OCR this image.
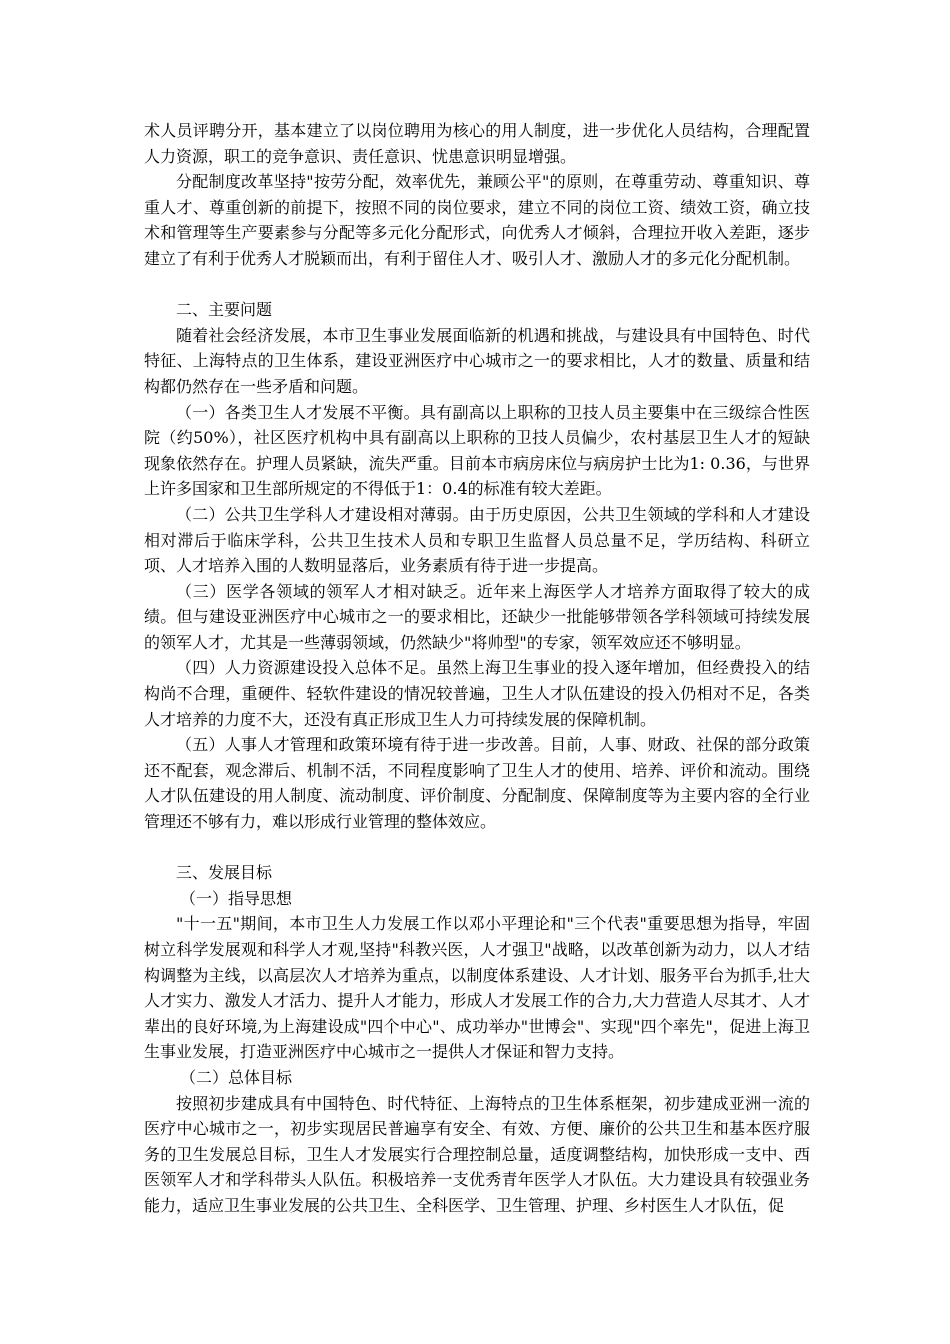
术人员评聘分开，基本建立了以岗位聘用为核心的用人制度，进一步优化人员结构，合理配置人力资源，职工的竞争意识、责任意识、忧患意识明显增强。

分配制度改革坚持"按劳分配，效率优先，兼顾公平"的原则，在尊重劳动、尊重知识、尊重人才、尊重创新的前提下，按照不同的岗位要求，建立不同的岗位工资、绩效工资，确立技术和管理等生产要素参与分配等多元化分配形式，向优秀人才倾斜，合理拉开收入差距，逐步建立了有利于优秀人才脱颖而出，有利于留住人才、吸引人才、激励人才的多元化分配机制。

二、主要问题

随着社会经济发展，本市卫生事业发展面临新的机遇和挑战，与建设具有中国特色、时代特征、上海特点的卫生体系，建设亚洲医疗中心城市之一的要求相比，人才的数量、质量和结构都仍然存在一些矛盾和问题。

（一）各类卫生人才发展不平衡。具有副高以上职称的卫技人员主要集中在三级综合性医院（约50%），社区医疗机构中具有副高以上职称的卫技人员偏少，农村基层卫生人才的短缺现象依然存在。护理人员紧缺，流失严重。目前本市病房床位与病房护士比为1: 0.36，与世界上许多国家和卫生部所规定的不得低于1：0.4的标准有较大差距。

（二）公共卫生学科人才建设相对薄弱。由于历史原因，公共卫生领域的学科和人才建设相对滞后于临床学科，公共卫生技术人员和专职卫生监督人员总量不足，学历结构、科研立项、人才培养入围的人数明显落后，业务素质有待于进一步提高。

（三）医学各领域的领军人才相对缺乏。近年来上海医学人才培养方面取得了较大的成绩。但与建设亚洲医疗中心城市之一的要求相比，还缺少一批能够带领各学科领域可持续发展的领军人才，尤其是一些薄弱领域，仍然缺少"将帅型"的专家，领军效应还不够明显。

（四）人力资源建设投入总体不足。虽然上海卫生事业的投入逐年增加，但经费投入的结构尚不合理，重硬件、轻软件建设的情况较普遍，卫生人才队伍建设的投入仍相对不足，各类人才培养的力度不大，还没有真正形成卫生人力可持续发展的保障机制。

（五）人事人才管理和政策环境有待于进一步改善。目前，人事、财政、社保的部分政策还不配套，观念滞后、机制不活，不同程度影响了卫生人才的使用、培养、评价和流动。围绕人才队伍建设的用人制度、流动制度、评价制度、分配制度、保障制度等为主要内容的全行业管理还不够有力，难以形成行业管理的整体效应。

三、发展目标
（一）指导思想

"十一五"期间，本市卫生人力发展工作以邓小平理论和"三个代表"重要思想为指导，牢固树立科学发展观和科学人才观,坚持"科教兴医，人才强卫"战略，以改革创新为动力，以人才结构调整为主线，以高层次人才培养为重点，以制度体系建设、人才计划、服务平台为抓手,壮大人才实力、激发人才活力、提升人才能力，形成人才发展工作的合力,大力营造人尽其才、人才辈出的良好环境,为上海建设成"四个中心"、成功举办"世博会"、实现"四个率先"，促进上海卫生事业发展，打造亚洲医疗中心城市之一提供人才保证和智力支持。

（二）总体目标

按照初步建成具有中国特色、时代特征、上海特点的卫生体系框架，初步建成亚洲一流的医疗中心城市之一，初步实现居民普遍享有安全、有效、方便、廉价的公共卫生和基本医疗服务的卫生发展总目标，卫生人才发展实行合理控制总量，适度调整结构，加快形成一支中、西医领军人才和学科带头人队伍。积极培养一支优秀青年医学人才队伍。大力建设具有较强业务能力，适应卫生事业发展的公共卫生、全科医学、卫生管理、护理、乡村医生人才队伍，促
